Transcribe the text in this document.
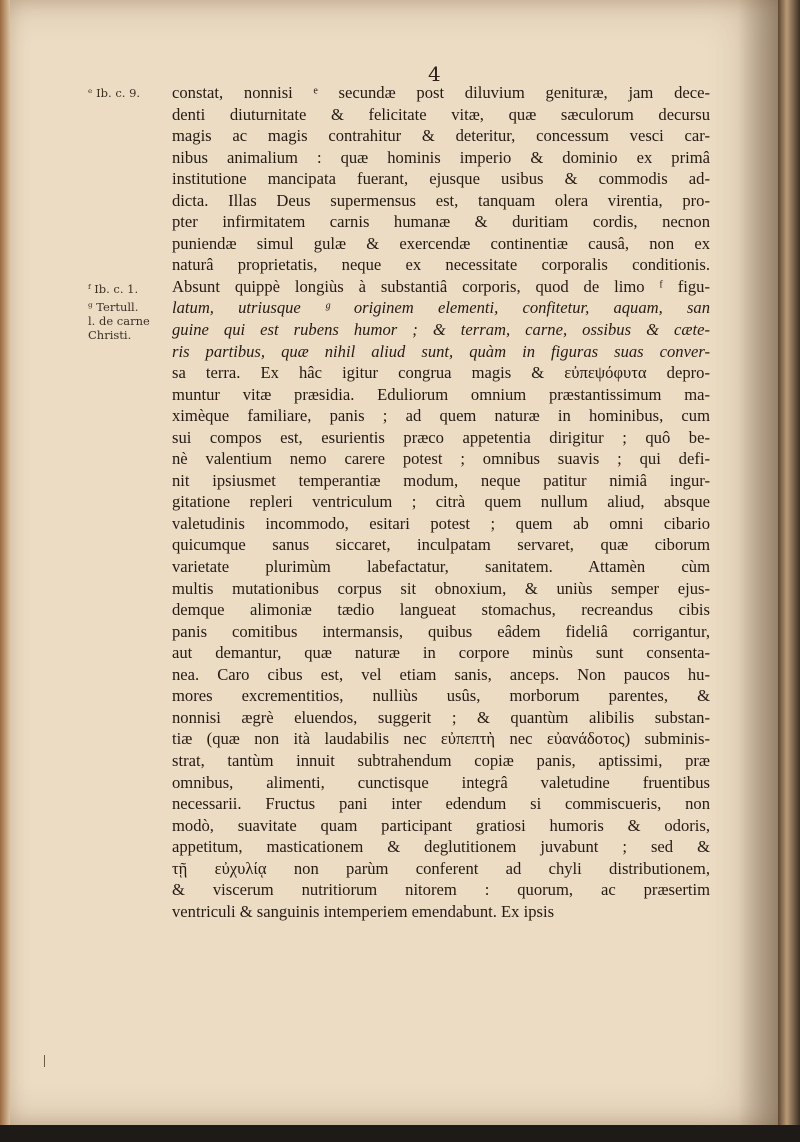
4
ᵉ Ib. c. 9.
ᶠ Ib. c. 1.
ᵍ Tertull.
l. de carne
Christi.
constat, nonnisi ᵉ secundæ post diluvium genituræ, jam dece-
denti diuturnitate & felicitate vitæ, quæ sæculorum decursu
magis ac magis contrahitur & deteritur, concessum vesci car-
nibus animalium : quæ hominis imperio & dominio ex primâ
institutione mancipata fuerant, ejusque usibus & commodis ad-
dicta. Illas Deus supermensus est, tanquam olera virentia, pro-
pter infirmitatem carnis humanæ & duritiam cordis, necnon
puniendæ simul gulæ & exercendæ continentiæ causâ, non ex
naturâ proprietatis, neque ex necessitate corporalis conditionis.
Absunt quippè longiùs à substantiâ corporis, quod de limo ᶠ figu-
latum, utriusque ᵍ originem elementi, confitetur, aquam, san
guine qui est rubens humor ; & terram, carne, ossibus & cæte-
ris partibus, quæ nihil aliud sunt, quàm in figuras suas conver-
sa terra. Ex hâc igitur congrua magis & εὐπεψόφυτα depro-
muntur vitæ præsidia. Eduliorum omnium præstantissimum ma-
ximèque familiare, panis ; ad quem naturæ in hominibus, cum
sui compos est, esurientis præco appetentia dirigitur ; quô be-
nè valentium nemo carere potest ; omnibus suavis ; qui defi-
nit ipsiusmet temperantiæ modum, neque patitur nimiâ ingur-
gitatione repleri ventriculum ; citrà quem nullum aliud, absque
valetudinis incommodo, esitari potest ; quem ab omni cibario
quicumque sanus siccaret, inculpatam servaret, quæ ciborum
varietate plurimùm labefactatur, sanitatem. Attamèn cùm
multis mutationibus corpus sit obnoxium, & uniùs semper ejus-
demque alimoniæ tædio langueat stomachus, recreandus cibis
panis comitibus intermansis, quibus eâdem fideliâ corrigantur,
aut demantur, quæ naturæ in corpore minùs sunt consenta-
nea. Caro cibus est, vel etiam sanis, anceps. Non paucos hu-
mores excrementitios, nulliùs usûs, morborum parentes, &
nonnisi ægrè eluendos, suggerit ; & quantùm alibilis substan-
tiæ (quæ non ità laudabilis nec εὐπεπτὴ nec εὐανάδοτος) subminis-
strat, tantùm innuit subtrahendum copiæ panis, aptissimi, præ
omnibus, alimenti, cunctisque integrâ valetudine fruentibus
necessarii. Fructus pani inter edendum si commiscueris, non
modò, suavitate quam participant gratiosi humoris & odoris,
appetitum, masticationem & deglutitionem juvabunt ; sed &
τῇ εὐχυλίᾳ non parùm conferent ad chyli distributionem,
& viscerum nutritiorum nitorem : quorum, ac præsertim
ventriculi & sanguinis intemperiem emendabunt. Ex ipsis
